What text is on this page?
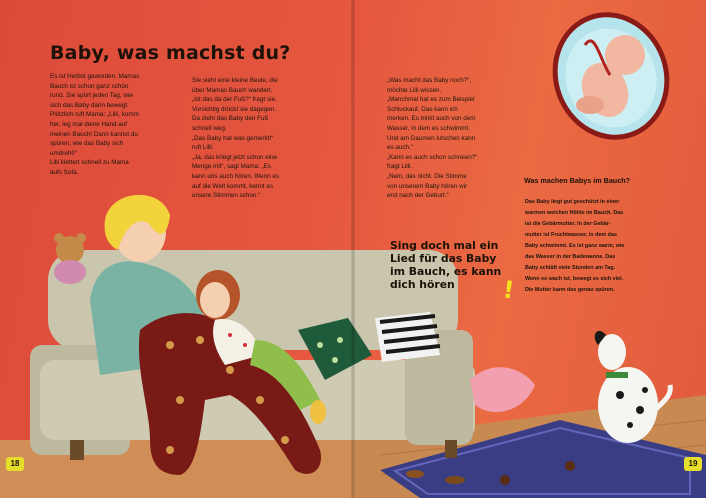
Baby, was machst du?
Es ist Herbst geworden. Mamas
Bauch ist schon ganz schön
rund. Sie spürt jeden Tag, wie
sich das Baby darin bewegt.
Plötzlich ruft Mama: „Lilli, komm
her, leg mal deine Hand auf
meinen Bauch! Dann kannst du
spüren, wie das Baby sich
umdreht!“
Lilli klettert schnell zu Mama
aufs Sofa.
Sie sieht eine kleine Beule, die
über Mamas Bauch wandert.
„Ist das da der Fuß?“ fragt sie.
Vorsichtig drückt sie dagegen.
Da zieht das Baby den Fuß
schnell weg.
„Das Baby hat was gemerkt!“
ruft Lilli.
„Ja, das kriegt jetzt schon eine
Menge mit“, sagt Mama. „Es
kann uns auch hören. Wenn es
auf die Welt kommt, kennt es
unsere Stimmen schon.“
„Was macht das Baby noch?“,
möchte Lilli wissen.
„Manchmal hat es zum Beispiel
Schluckauf. Das kann ich
merken. Es trinkt auch von dem
Wasser, in dem es schwimmt.
Und am Daumen lutschen kann
es auch.“
„Kann es auch schon schreien?“
fragt Lilli.
„Nein, das nicht. Die Stimme
von unserem Baby hören wir
erst nach der Geburt.“
Sing doch mal ein
Lied für das Baby
im Bauch, es kann
dich hören	!
Was machen Babys im Bauch?
Das Baby liegt gut geschützt in einer
warmen weichen Höhle im Bauch. Das
ist die Gebärmutter. In der Gebär-
mutter ist Fruchtwasser, in dem das
Baby schwimmt. Es ist ganz warm, wie
das Wasser in der Badewanne. Das
Baby schläft viele Stunden am Tag.
Wenn es wach ist, bewegt es sich viel.
Die Mutter kann das genau spüren.
18	19
